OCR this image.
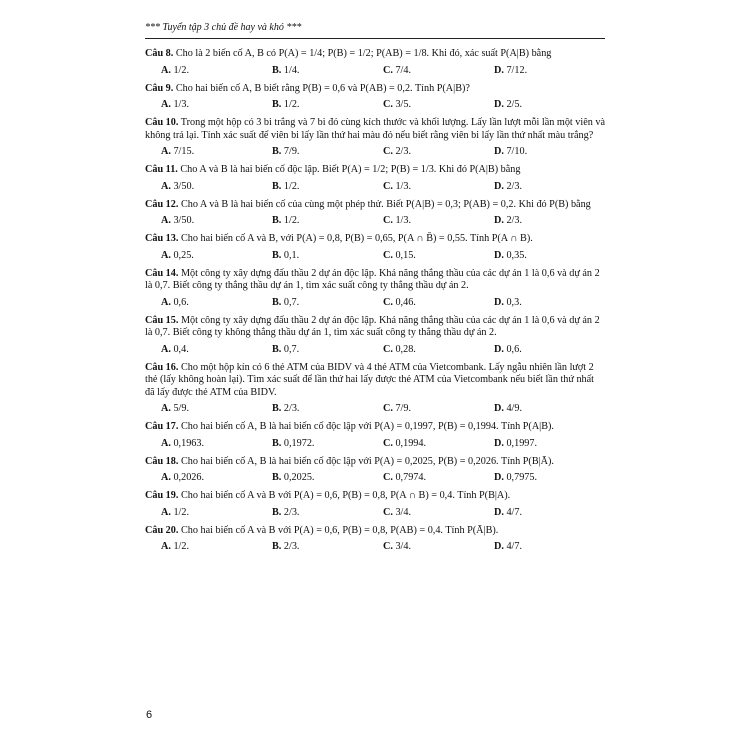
*** Tuyển tập 3 chủ đề hay và khó ***

Câu 8. Cho là 2 biến cố A, B có P(A) = 1/4; P(B) = 1/2; P(AB) = 1/8. Khi đó, xác suất P(A|B) bằng

A. 1/2.	B. 1/4.	C. 7/4.	D. 7/12.

Câu 9. Cho hai biến cố A, B biết rằng P(B) = 0,6 và P(AB) = 0,2. Tính P(A|B)?

A. 1/3.	B. 1/2.	C. 3/5.	D. 2/5.

Câu 10. Trong một hộp có 3 bi trắng và 7 bi đỏ cùng kích thước và khối lượng. Lấy lần lượt mỗi lần một viên và không trả lại. Tính xác suất để viên bi lấy lần thứ hai màu đỏ nếu biết rằng viên bi lấy lần thứ nhất màu trắng?

A. 7/15.	B. 7/9.	C. 2/3.	D. 7/10.

Câu 11. Cho A và B là hai biến cố độc lập. Biết P(A) = 1/2; P(B) = 1/3. Khi đó P(A|B) bằng

A. 3/50.	B. 1/2.	C. 1/3.	D. 2/3.

Câu 12. Cho A và B là hai biến cố của cùng một phép thử. Biết P(A|B) = 0,3; P(AB) = 0,2. Khi đó P(B) bằng

A. 3/50.	B. 1/2.	C. 1/3.	D. 2/3.

Câu 13. Cho hai biến cố A và B, với P(A) = 0,8, P(B) = 0,65, P(A ∩ B̄) = 0,55. Tính P(A ∩ B).

A. 0,25.	B. 0,1.	C. 0,15.	D. 0,35.

Câu 14. Một công ty xây dựng đấu thầu 2 dự án độc lập. Khả năng thắng thầu của các dự án 1 là 0,6 và dự án 2 là 0,7. Biết công ty thắng thầu dự án 1, tìm xác suất công ty thắng thầu dự án 2.

A. 0,6.	B. 0,7.	C. 0,46.	D. 0,3.

Câu 15. Một công ty xây dựng đấu thầu 2 dự án độc lập. Khả năng thắng thầu của các dự án 1 là 0,6 và dự án 2 là 0,7. Biết công ty không thắng thầu dự án 1, tìm xác suất công ty thắng thầu dự án 2.

A. 0,4.	B. 0,7.	C. 0,28.	D. 0,6.

Câu 16. Cho một hộp kín có 6 thẻ ATM của BIDV và 4 thẻ ATM của Vietcombank. Lấy ngẫu nhiên lần lượt 2 thẻ (lấy không hoàn lại). Tìm xác suất để lần thứ hai lấy được thẻ ATM của Vietcombank nếu biết lần thứ nhất đã lấy được thẻ ATM của BIDV.

A. 5/9.	B. 2/3.	C. 7/9.	D. 4/9.

Câu 17. Cho hai biến cố A, B là hai biến cố độc lập với P(A) = 0,1997, P(B) = 0,1994. Tính P(A|B).

A. 0,1963.	B. 0,1972.	C. 0,1994.	D. 0,1997.

Câu 18. Cho hai biến cố A, B là hai biến cố độc lập với P(A) = 0,2025, P(B) = 0,2026. Tính P(B|Ā).

A. 0,2026.	B. 0,2025.	C. 0,7974.	D. 0,7975.

Câu 19. Cho hai biến cố A và B với P(A) = 0,6, P(B) = 0,8, P(A ∩ B) = 0,4. Tính P(B|A).

A. 1/2.	B. 2/3.	C. 3/4.	D. 4/7.

Câu 20. Cho hai biến cố A và B với P(A) = 0,6, P(B) = 0,8, P(AB) = 0,4. Tính P(Ā|B).

A. 1/2.	B. 2/3.	C. 3/4.	D. 4/7.
6
